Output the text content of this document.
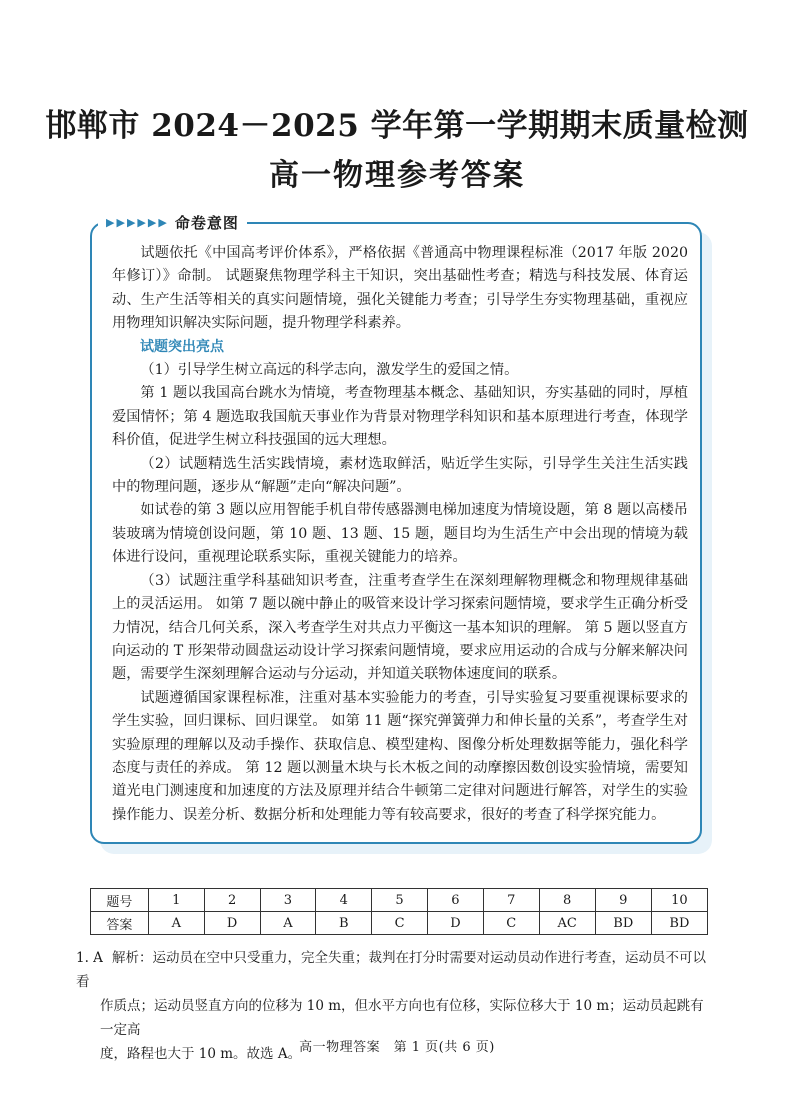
邯郸市 2024－2025 学年第一学期期末质量检测
高一物理参考答案
▶ ▶ ▶ ▶ ▶ ▶ 命卷意图

试题依托《中国高考评价体系》，严格依据《普通高中物理课程标准（2017 年版 2020 年修订）》命制。 试题聚焦物理学科主干知识，突出基础性考查；精选与科技发展、体育运动、生产生活等相关的真实问题情境，强化关键能力考查；引导学生夯实物理基础，重视应用物理知识解决实际问题，提升物理学科素养。

试题突出亮点

（1）引导学生树立高远的科学志向，激发学生的爱国之情。

第 1 题以我国高台跳水为情境，考查物理基本概念、基础知识，夯实基础的同时，厚植爱国情怀；第 4 题选取我国航天事业作为背景对物理学科知识和基本原理进行考查，体现学科价值，促进学生树立科技强国的远大理想。

（2）试题精选生活实践情境，素材选取鲜活，贴近学生实际，引导学生关注生活实践中的物理问题，逐步从“解题”走向“解决问题”。

如试卷的第 3 题以应用智能手机自带传感器测电梯加速度为情境设题，第 8 题以高楼吊装玻璃为情境创设问题，第 10 题、13 题、15 题，题目均为生活生产中会出现的情境为载体进行设问，重视理论联系实际，重视关键能力的培养。

（3）试题注重学科基础知识考查，注重考查学生在深刻理解物理概念和物理规律基础上的灵活运用。 如第 7 题以碗中静止的吸管来设计学习探索问题情境，要求学生正确分析受力情况，结合几何关系，深入考查学生对共点力平衡这一基本知识的理解。 第 5 题以竖直方向运动的 T 形架带动圆盘运动设计学习探索问题情境，要求应用运动的合成与分解来解决问题，需要学生深刻理解合运动与分运动，并知道关联物体速度间的联系。

试题遵循国家课程标准，注重对基本实验能力的考查，引导实验复习要重视课标要求的学生实验，回归课标、回归课堂。 如第 11 题“探究弹簧弹力和伸长量的关系”，考查学生对实验原理的理解以及动手操作、获取信息、模型建构、图像分析处理数据等能力，强化科学态度与责任的养成。 第 12 题以测量木块与长木板之间的动摩擦因数创设实验情境，需要知道光电门测速度和加速度的方法及原理并结合牛顿第二定律对问题进行解答，对学生的实验操作能力、误差分析、数据分析和处理能力等有较高要求，很好的考查了科学探究能力。

题号	1	2	3	4	5	6	7	8	9	10
答案	A	D	A	B	C	D	C	AC	BD	BD
1. A 解析：运动员在空中只受重力，完全失重；裁判在打分时需要对运动员动作进行考查，运动员不可以看
作质点；运动员竖直方向的位移为 10 m，但水平方向也有位移，实际位移大于 10 m；运动员起跳有一定高
度，路程也大于 10 m。故选 A。
高一物理答案　第 1 页(共 6 页)
